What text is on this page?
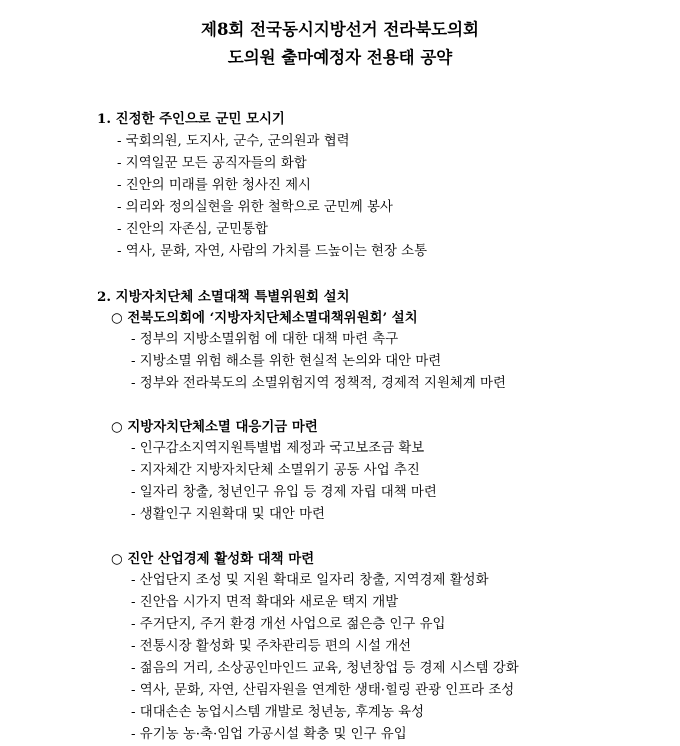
제8회 전국동시지방선거 전라북도의회
도의원 출마예정자 전용태 공약
1. 진정한 주인으로 군민 모시기
- 국회의원, 도지사, 군수, 군의원과 협력
- 지역일꾼 모든 공직자들의 화합
- 진안의 미래를 위한 청사진 제시
- 의리와 정의실현을 위한 철학으로 군민께 봉사
- 진안의 자존심, 군민통합
- 역사, 문화, 자연, 사람의 가치를 드높이는 현장 소통
2. 지방자치단체 소멸대책 특별위원회 설치
○ 전북도의회에 ‘지방자치단체소멸대책위원회’ 설치
- 정부의 지방소멸위험 에 대한 대책 마련 촉구
- 지방소멸 위험 해소를 위한 현실적 논의와 대안 마련
- 정부와 전라북도의 소멸위험지역 정책적, 경제적 지원체계 마련
○ 지방자치단체소멸 대응기금 마련
- 인구감소지역지원특별법 제정과 국고보조금 확보
- 지자체간 지방자치단체 소멸위기 공동 사업 추진
- 일자리 창출, 청년인구 유입 등 경제 자립 대책 마련
- 생활인구 지원확대 및 대안 마련
○ 진안 산업경제 활성화 대책 마련
- 산업단지 조성 및 지원 확대로 일자리 창출, 지역경제 활성화
- 진안읍 시가지 면적 확대와 새로운 택지 개발
- 주거단지, 주거 환경 개선 사업으로 젊은층 인구 유입
- 전통시장 활성화 및 주차관리등 편의 시설 개선
- 젊음의 거리, 소상공인마인드 교육, 청년창업 등 경제 시스템 강화
- 역사, 문화, 자연, 산림자원을 연계한 생태·힐링 관광 인프라 조성
- 대대손손 농업시스템 개발로 청년농, 후계농 육성
- 유기농 농·축·임업 가공시설 확충 및 인구 유입
